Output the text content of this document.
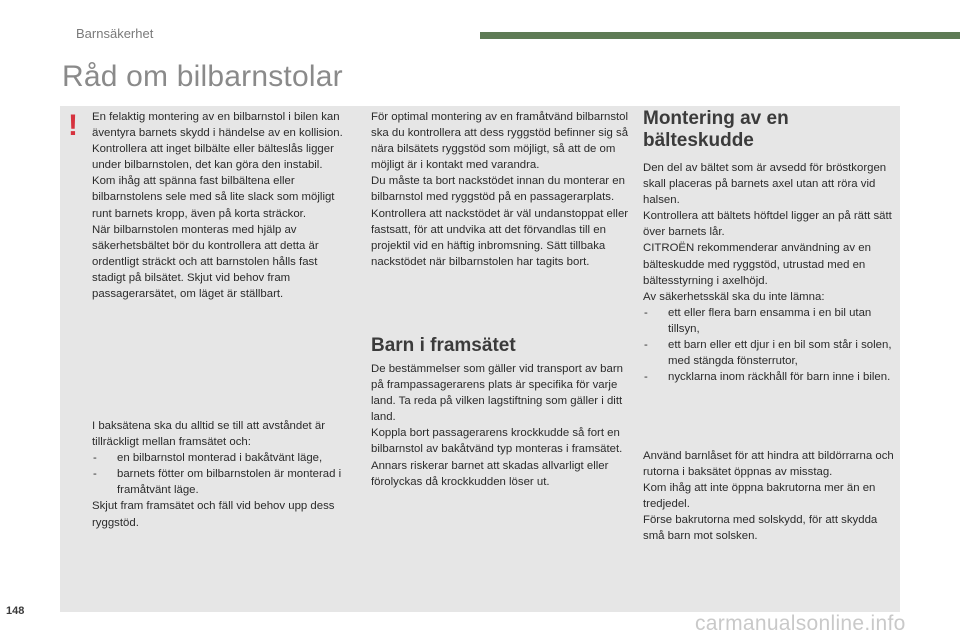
Barnsäkerhet
Råd om bilbarnstolar
! En felaktig montering av en bilbarnstol i bilen kan äventyra barnets skydd i händelse av en kollision.

Kontrollera att inget bilbälte eller bälteslås ligger under bilbarnstolen, det kan göra den instabil.

Kom ihåg att spänna fast bilbältena eller bilbarnstolens sele med så lite slack som möjligt runt barnets kropp, även på korta sträckor.

När bilbarnstolen monteras med hjälp av säkerhetsbältet bör du kontrollera att detta är ordentligt sträckt och att barnstolen hålls fast stadigt på bilsätet. Skjut vid behov fram passagerarsätet, om läget är ställbart.

I baksätena ska du alltid se till att avståndet är tillräckligt mellan framsätet och:

- en bilbarnstol monterad i bakåtvänt läge,
- barnets fötter om bilbarnstolen är monterad i framåtvänt läge.

Skjut fram framsätet och fäll vid behov upp dess ryggstöd.

För optimal montering av en framåtvänd bilbarnstol ska du kontrollera att dess ryggstöd befinner sig så nära bilsätets ryggstöd som möjligt, så att de om möjligt är i kontakt med varandra.

Du måste ta bort nackstödet innan du monterar en bilbarnstol med ryggstöd på en passagerarplats.

Kontrollera att nackstödet är väl undanstoppat eller fastsatt, för att undvika att det förvandlas till en projektil vid en häftig inbromsning. Sätt tillbaka nackstödet när bilbarnstolen har tagits bort.

Barn i framsätet

De bestämmelser som gäller vid transport av barn på frampassagerarens plats är specifika för varje land. Ta reda på vilken lagstiftning som gäller i ditt land.

Koppla bort passagerarens krockkudde så fort en bilbarnstol av bakåtvänd typ monteras i framsätet.

Annars riskerar barnet att skadas allvarligt eller förolyckas då krockkudden löser ut.

Montering av en bälteskudde

Den del av bältet som är avsedd för bröstkorgen skall placeras på barnets axel utan att röra vid halsen.

Kontrollera att bältets höftdel ligger an på rätt sätt över barnets lår.

CITROËN rekommenderar användning av en bälteskudde med ryggstöd, utrustad med en bältesstyrning i axelhöjd.

Av säkerhetsskäl ska du inte lämna:

- ett eller flera barn ensamma i en bil utan tillsyn,
- ett barn eller ett djur i en bil som står i solen, med stängda fönsterrutor,
- nycklarna inom räckhåll för barn inne i bilen.

Använd barnlåset för att hindra att bildörrarna och rutorna i baksätet öppnas av misstag.

Kom ihåg att inte öppna bakrutorna mer än en tredjedel.

Förse bakrutorna med solskydd, för att skydda små barn mot solsken.

148
carmanualsonline.info
